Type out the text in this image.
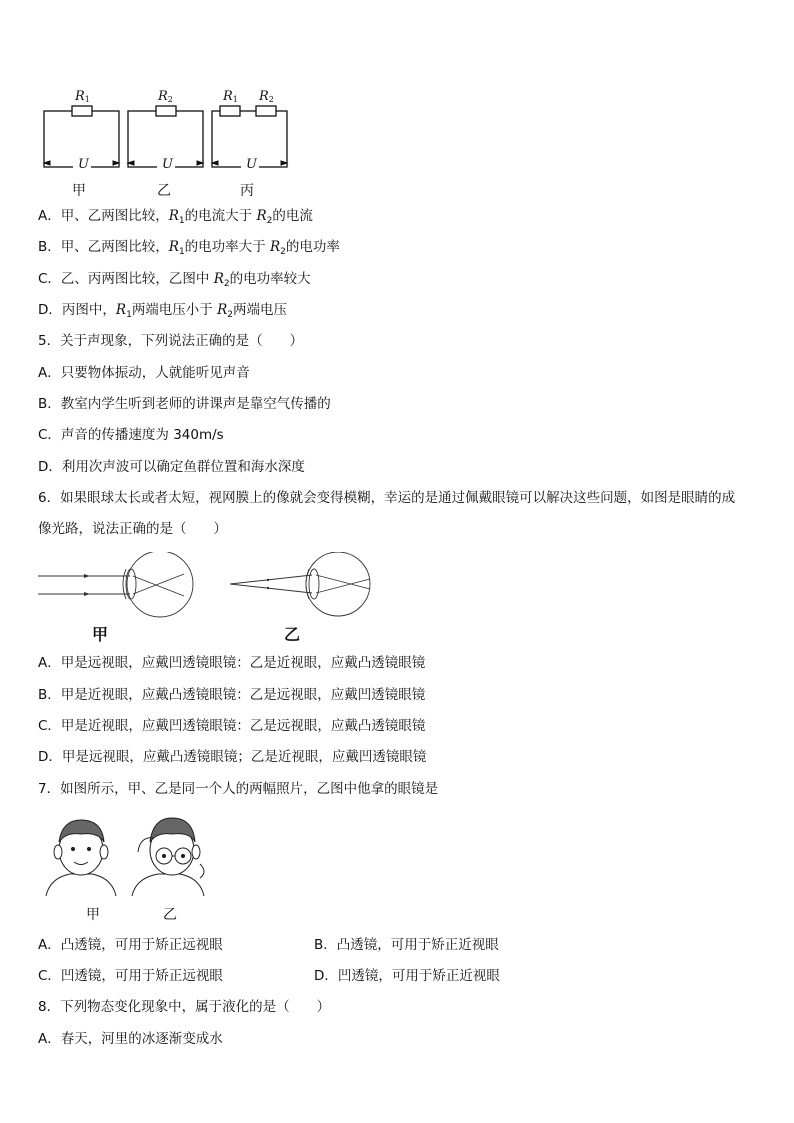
R1	R2	R1 R2
U	U	U
甲	乙	丙
A．甲、乙两图比较，$R_1$的电流大于 $R_2$的电流
B．甲、乙两图比较，$R_1$的电功率大于 $R_2$的电功率
C．乙、丙两图比较，乙图中 $R_2$的电功率较大
D．丙图中，$R_1$两端电压小于 $R_2$两端电压
5．关于声现象，下列说法正确的是（　　）
A．只要物体振动，人就能听见声音
B．教室内学生听到老师的讲课声是靠空气传播的
C．声音的传播速度为 340m/s
D．利用次声波可以确定鱼群位置和海水深度
6．如果眼球太长或者太短，视网膜上的像就会变得模糊，幸运的是通过佩戴眼镜可以解决这些问题，如图是眼睛的成
像光路，说法正确的是（　　）
甲	乙
A．甲是远视眼，应戴凹透镜眼镜：乙是近视眼，应戴凸透镜眼镜
B．甲是近视眼，应戴凸透镜眼镜：乙是远视眼，应戴凹透镜眼镜
C．甲是近视眼，应戴凹透镜眼镜：乙是远视眼，应戴凸透镜眼镜
D．甲是远视眼，应戴凸透镜眼镜；乙是近视眼，应戴凹透镜眼镜
7．如图所示，甲、乙是同一个人的两幅照片，乙图中他拿的眼镜是
甲	乙
A．凸透镜，可用于矫正远视眼	B．凸透镜，可用于矫正近视眼
C．凹透镜，可用于矫正远视眼	D．凹透镜，可用于矫正近视眼
8．下列物态变化现象中，属于液化的是（　　）
A．春天，河里的冰逐渐变成水
